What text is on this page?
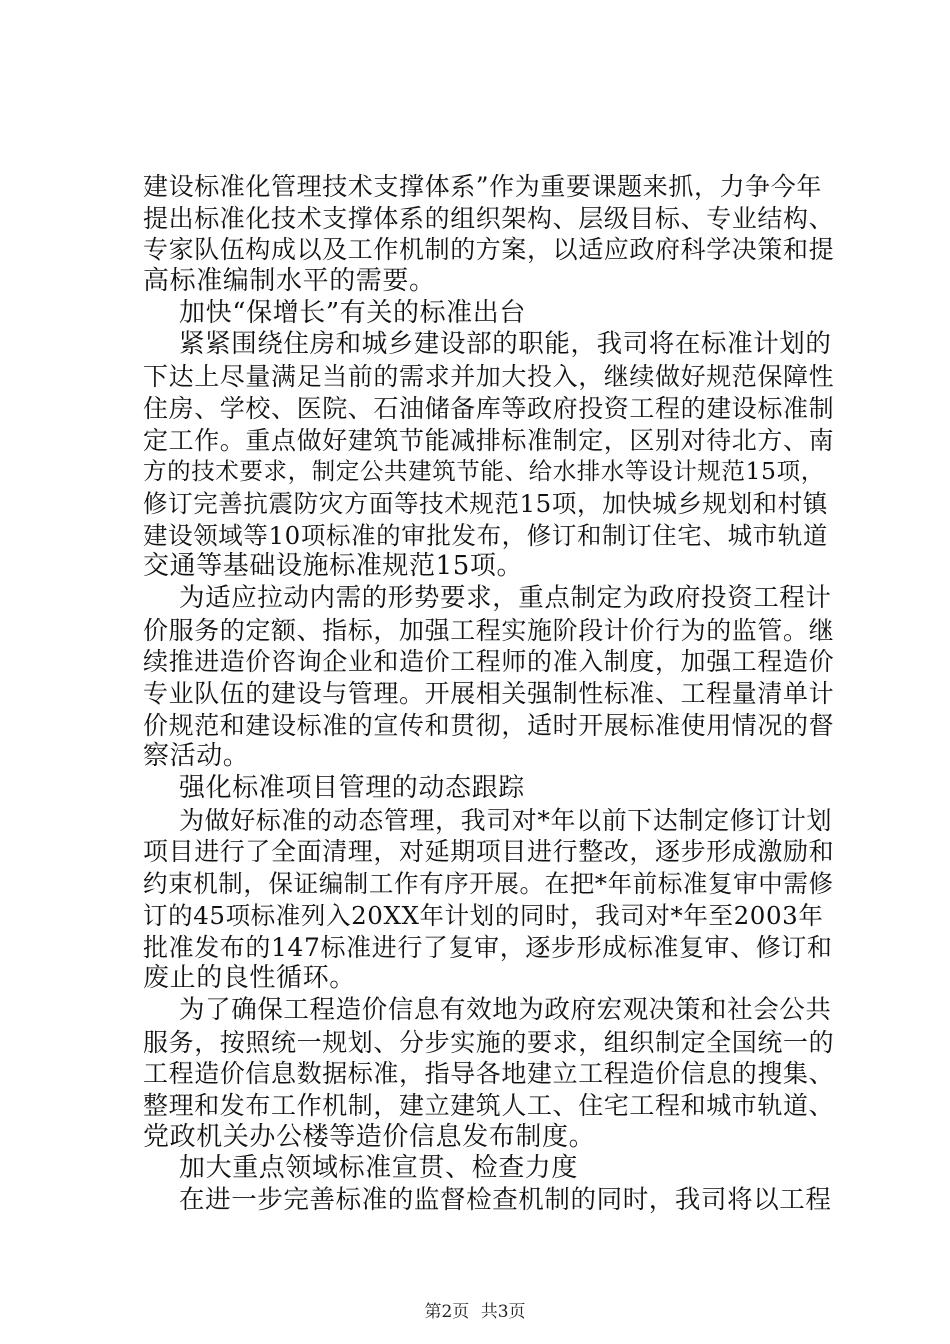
建设标准化管理技术支撑体系”作为重要课题来抓，力争今年
提出标准化技术支撑体系的组织架构、层级目标、专业结构、
专家队伍构成以及工作机制的方案，以适应政府科学决策和提
高标准编制水平的需要。
加快“保增长”有关的标准出台
紧紧围绕住房和城乡建设部的职能，我司将在标准计划的
下达上尽量满足当前的需求并加大投入，继续做好规范保障性
住房、学校、医院、石油储备库等政府投资工程的建设标准制
定工作。重点做好建筑节能减排标准制定，区别对待北方、南
方的技术要求，制定公共建筑节能、给水排水等设计规范15项，
修订完善抗震防灾方面等技术规范15项，加快城乡规划和村镇
建设领域等10项标准的审批发布，修订和制订住宅、城市轨道
交通等基础设施标准规范15项。
为适应拉动内需的形势要求，重点制定为政府投资工程计
价服务的定额、指标，加强工程实施阶段计价行为的监管。继
续推进造价咨询企业和造价工程师的准入制度，加强工程造价
专业队伍的建设与管理。开展相关强制性标准、工程量清单计
价规范和建设标准的宣传和贯彻，适时开展标准使用情况的督
察活动。
强化标准项目管理的动态跟踪
为做好标准的动态管理，我司对*年以前下达制定修订计划
项目进行了全面清理，对延期项目进行整改，逐步形成激励和
约束机制，保证编制工作有序开展。在把*年前标准复审中需修
订的45项标准列入20XX年计划的同时，我司对*年至2003年
批准发布的147标准进行了复审，逐步形成标准复审、修订和
废止的良性循环。
为了确保工程造价信息有效地为政府宏观决策和社会公共
服务，按照统一规划、分步实施的要求，组织制定全国统一的
工程造价信息数据标准，指导各地建立工程造价信息的搜集、
整理和发布工作机制，建立建筑人工、住宅工程和城市轨道、
党政机关办公楼等造价信息发布制度。
加大重点领域标准宣贯、检查力度
在进一步完善标准的监督检查机制的同时，我司将以工程
第2页 共3页
